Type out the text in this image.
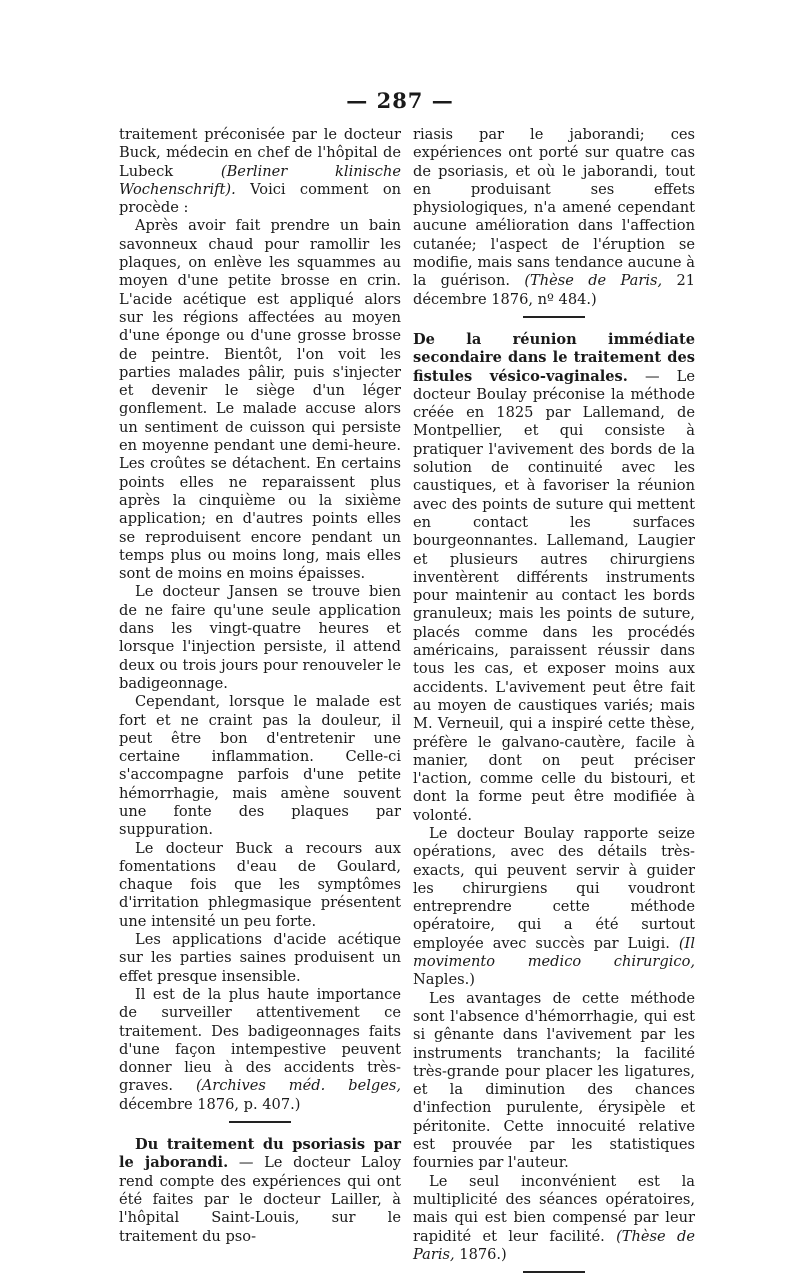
— 287 —

traitement préconisée par le docteur Buck, médecin en chef de l'hôpital de Lubeck	(Berliner klinische Wochenschrift). Voici comment on procède :

Après avoir fait prendre un bain savonneux chaud pour ramollir les plaques, on enlève les squammes au moyen d'une petite brosse en crin. L'acide acétique est appliqué alors sur les régions affectées au moyen d'une éponge ou d'une grosse brosse de peintre. Bientôt, l'on voit les parties malades pâlir, puis s'injecter et devenir le siège d'un léger gonflement. Le malade accuse alors un sentiment de cuisson qui persiste en moyenne pendant une demi-heure. Les croûtes se détachent. En certains points elles ne reparaissent plus après la cinquième ou la sixième application; en d'autres points elles se reproduisent encore pendant un temps plus ou moins long, mais elles sont de moins en moins épaisses.

Le docteur Jansen se trouve bien de ne faire qu'une seule application dans les vingt-quatre heures et lorsque l'injection persiste, il attend deux ou trois jours pour renouveler le badigeonnage.

Cependant, lorsque le malade est fort et ne craint pas la douleur, il peut être bon d'entretenir une certaine inflammation. Celle-ci s'accompagne parfois d'une petite hémorrhagie, mais amène souvent une fonte des plaques par suppuration.

Le docteur Buck a recours aux fomentations d'eau de Goulard, chaque fois que les symptômes d'irritation phlegmasique présentent une intensité un peu forte.

Les applications d'acide acétique sur les parties saines produisent un effet presque insensible.

Il est de la plus haute importance de surveiller attentivement ce traitement. Des badigeonnages faits d'une façon intempestive peuvent donner lieu à des accidents très-graves. (Archives méd. belges, décembre 1876, p. 407.)

Du traitement du psoriasis par le jaborandi. — Le docteur Laloy rend compte des expériences qui ont été faites par le docteur Lailler, à l'hôpital Saint-Louis, sur le traitement du pso-

riasis par le jaborandi; ces expériences ont porté sur quatre cas de psoriasis, et où le jaborandi, tout en produisant ses effets physiologiques, n'a amené cependant aucune amélioration dans l'affection cutanée; l'aspect de l'éruption se modifie, mais sans tendance aucune à la guérison. (Thèse de Paris, 21 décembre 1876, nº 484.)

De la réunion immédiate secondaire dans le traitement des fistules vésico-vaginales. — Le docteur Boulay préconise la méthode créée en 1825 par Lallemand, de Montpellier, et qui consiste à pratiquer l'avivement des bords de la solution de continuité avec les caustiques, et à favoriser la réunion avec des points de suture qui mettent en contact les surfaces bourgeonnantes. Lallemand, Laugier et plusieurs autres chirurgiens inventèrent différents instruments pour maintenir au contact les bords granuleux; mais les points de suture, placés comme dans les procédés américains, paraissent réussir dans tous les cas, et exposer moins aux accidents. L'avivement peut être fait au moyen de caustiques variés; mais M. Verneuil, qui a inspiré cette thèse, préfère le galvano-cautère, facile à manier, dont on peut préciser l'action, comme celle du bistouri, et dont la forme peut être modifiée à volonté.

Le docteur Boulay rapporte seize opérations, avec des détails très-exacts, qui peuvent servir à guider les chirurgiens qui voudront entreprendre cette méthode opératoire, qui a été surtout employée avec succès par Luigi. (Il movimento medico chirurgico, Naples.)

Les avantages de cette méthode sont l'absence d'hémorrhagie, qui est si gênante dans l'avivement par les instruments tranchants; la facilité très-grande pour placer les ligatures, et la diminution des chances d'infection purulente, érysipèle et péritonite. Cette innocuité relative est prouvée par les statistiques fournies par l'auteur.

Le seul inconvénient est la multiplicité des séances opératoires, mais qui est bien compensé par leur rapidité et leur facilité. (Thèse de Paris, 1876.)
